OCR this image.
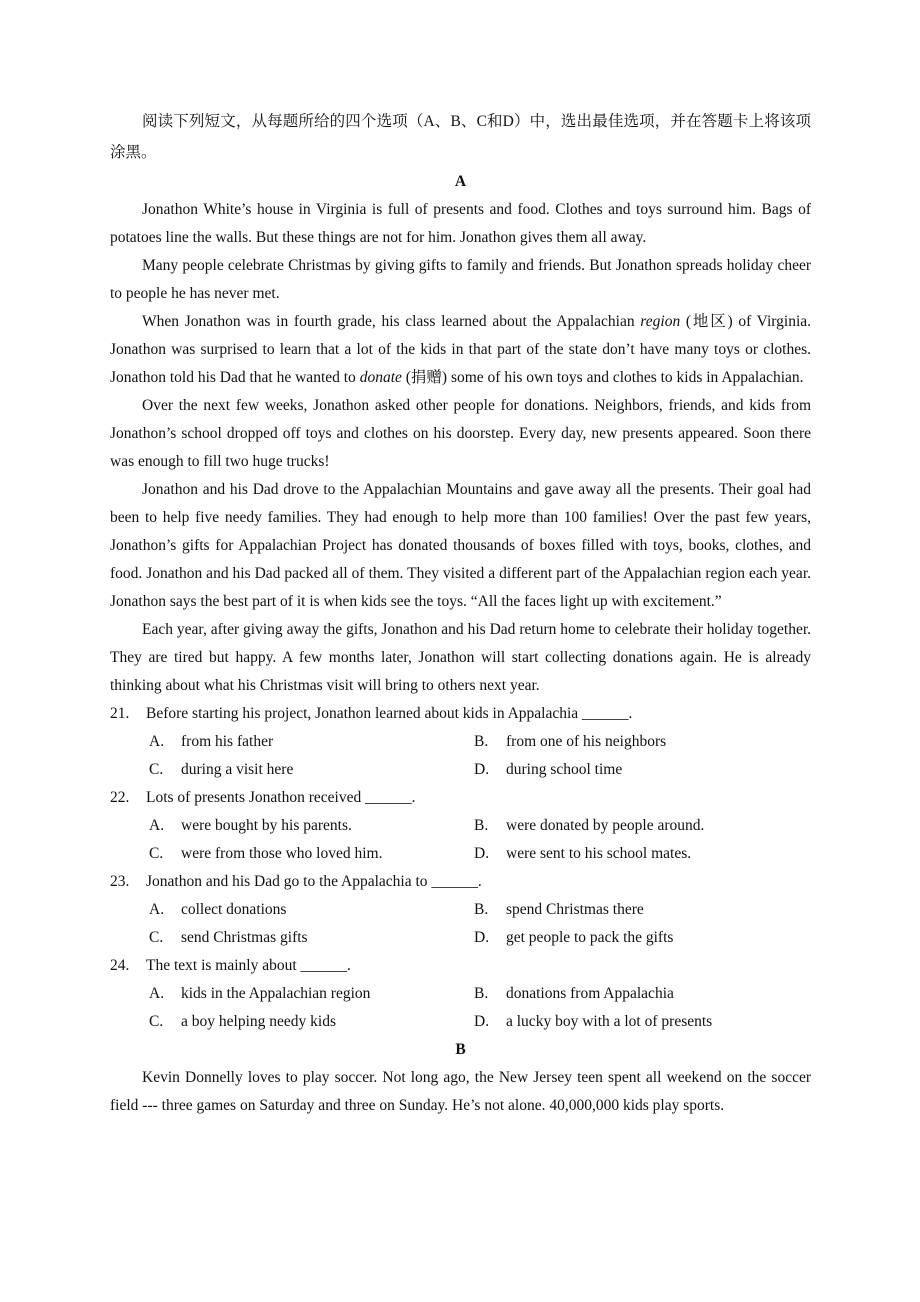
阅读下列短文，从每题所给的四个选项（A、B、C和D）中，选出最佳选项，并在答题卡上将该项涂黑。

A

Jonathon White’s house in Virginia is full of presents and food. Clothes and toys surround him. Bags of potatoes line the walls. But these things are not for him. Jonathon gives them all away.

Many people celebrate Christmas by giving gifts to family and friends. But Jonathon spreads holiday cheer to people he has never met.

When Jonathon was in fourth grade, his class learned about the Appalachian region (地区) of Virginia. Jonathon was surprised to learn that a lot of the kids in that part of the state don’t have many toys or clothes. Jonathon told his Dad that he wanted to donate (捐赠) some of his own toys and clothes to kids in Appalachian.

Over the next few weeks, Jonathon asked other people for donations. Neighbors, friends, and kids from Jonathon’s school dropped off toys and clothes on his doorstep. Every day, new presents appeared. Soon there was enough to fill two huge trucks!

Jonathon and his Dad drove to the Appalachian Mountains and gave away all the presents. Their goal had been to help five needy families. They had enough to help more than 100 families! Over the past few years, Jonathon’s gifts for Appalachian Project has donated thousands of boxes filled with toys, books, clothes, and food. Jonathon and his Dad packed all of them. They visited a different part of the Appalachian region each year. Jonathon says the best part of it is when kids see the toys. “All the faces light up with excitement.”

Each year, after giving away the gifts, Jonathon and his Dad return home to celebrate their holiday together. They are tired but happy. A few months later, Jonathon will start collecting donations again. He is already thinking about what his Christmas visit will bring to others next year.

21.	Before starting his project, Jonathon learned about kids in Appalachia ______.
A.	from his father	B.	from one of his neighbors
C.	during a visit here	D.	during school time
22.	Lots of presents Jonathon received ______.
A.	were bought by his parents.	B.	were donated by people around.
C.	were from those who loved him.	D.	were sent to his school mates.
23.	Jonathon and his Dad go to the Appalachia to ______.
A.	collect donations	B.	spend Christmas there
C.	send Christmas gifts	D.	get people to pack the gifts
24.	The text is mainly about ______.
A.	kids in the Appalachian region	B.	donations from Appalachia
C.	a boy helping needy kids	D.	a lucky boy with a lot of presents

B

Kevin Donnelly loves to play soccer. Not long ago, the New Jersey teen spent all weekend on the soccer field --- three games on Saturday and three on Sunday. He’s not alone. 40,000,000 kids play sports.
